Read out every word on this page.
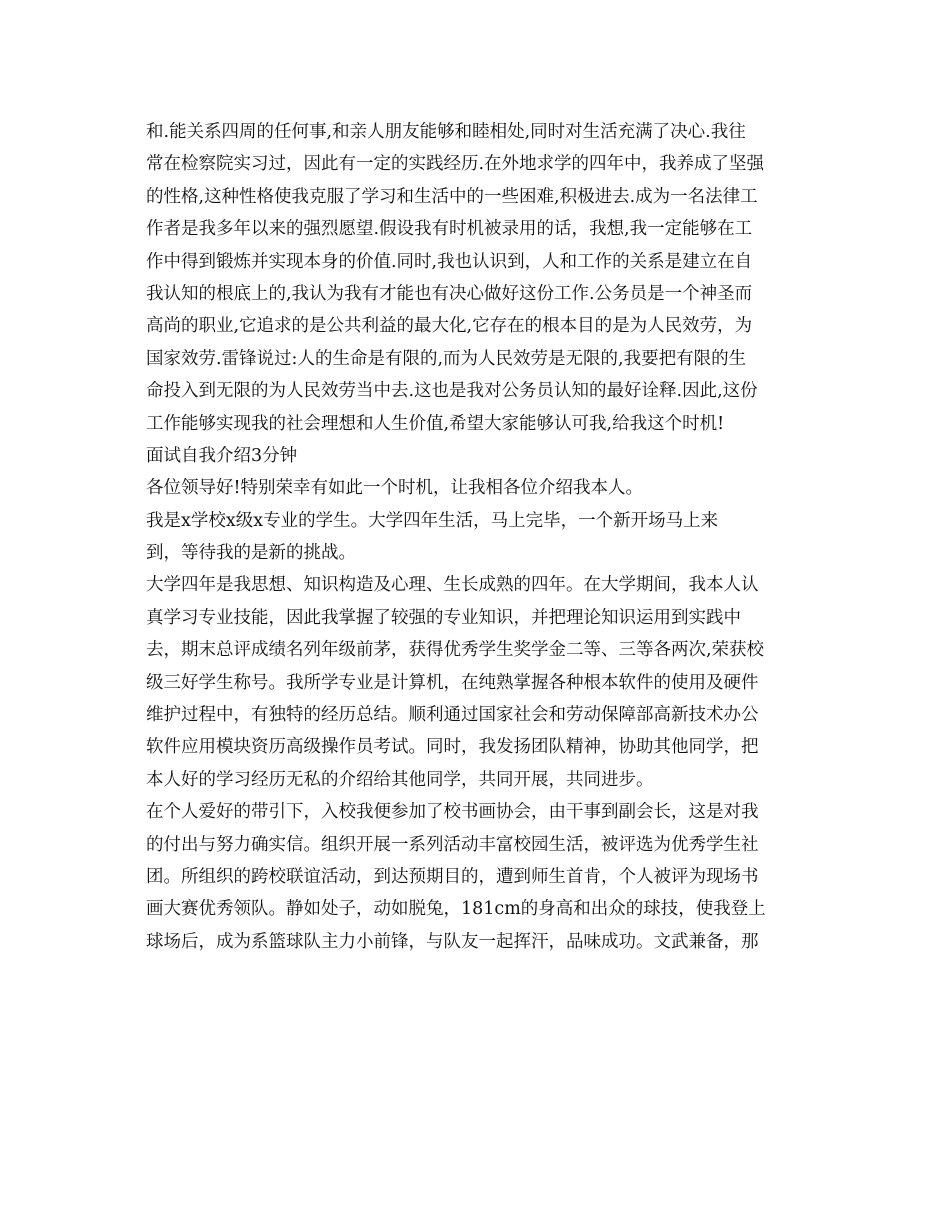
和.能关系四周的任何事,和亲人朋友能够和睦相处,同时对生活充满了决心.我往
常在检察院实习过，因此有一定的实践经历.在外地求学的四年中，我养成了坚强
的性格,这种性格使我克服了学习和生活中的一些困难,积极进去.成为一名法律工
作者是我多年以来的强烈愿望.假设我有时机被录用的话，我想,我一定能够在工
作中得到锻炼并实现本身的价值.同时,我也认识到，人和工作的关系是建立在自
我认知的根底上的,我认为我有才能也有决心做好这份工作.公务员是一个神圣而
高尚的职业,它追求的是公共利益的最大化,它存在的根本目的是为人民效劳，为
国家效劳.雷锋说过:人的生命是有限的,而为人民效劳是无限的,我要把有限的生
命投入到无限的为人民效劳当中去.这也是我对公务员认知的最好诠释.因此,这份
工作能够实现我的社会理想和人生价值,希望大家能够认可我,给我这个时机!
面试自我介绍3分钟
各位领导好!特别荣幸有如此一个时机，让我相各位介绍我本人。
我是x学校x级x专业的学生。大学四年生活，马上完毕，一个新开场马上来
到，等待我的是新的挑战。
大学四年是我思想、知识构造及心理、生长成熟的四年。在大学期间，我本人认
真学习专业技能，因此我掌握了较强的专业知识，并把理论知识运用到实践中
去，期末总评成绩名列年级前茅，获得优秀学生奖学金二等、三等各两次,荣获校
级三好学生称号。我所学专业是计算机，在纯熟掌握各种根本软件的使用及硬件
维护过程中，有独特的经历总结。顺利通过国家社会和劳动保障部高新技术办公
软件应用模块资历高级操作员考试。同时，我发扬团队精神，协助其他同学，把
本人好的学习经历无私的介绍给其他同学，共同开展，共同进步。
在个人爱好的带引下，入校我便参加了校书画协会，由干事到副会长，这是对我
的付出与努力确实信。组织开展一系列活动丰富校园生活，被评选为优秀学生社
团。所组织的跨校联谊活动，到达预期目的，遭到师生首肯，个人被评为现场书
画大赛优秀领队。静如处子，动如脱兔，181cm的身高和出众的球技，使我登上
球场后，成为系篮球队主力小前锋，与队友一起挥汗，品味成功。文武兼备，那
